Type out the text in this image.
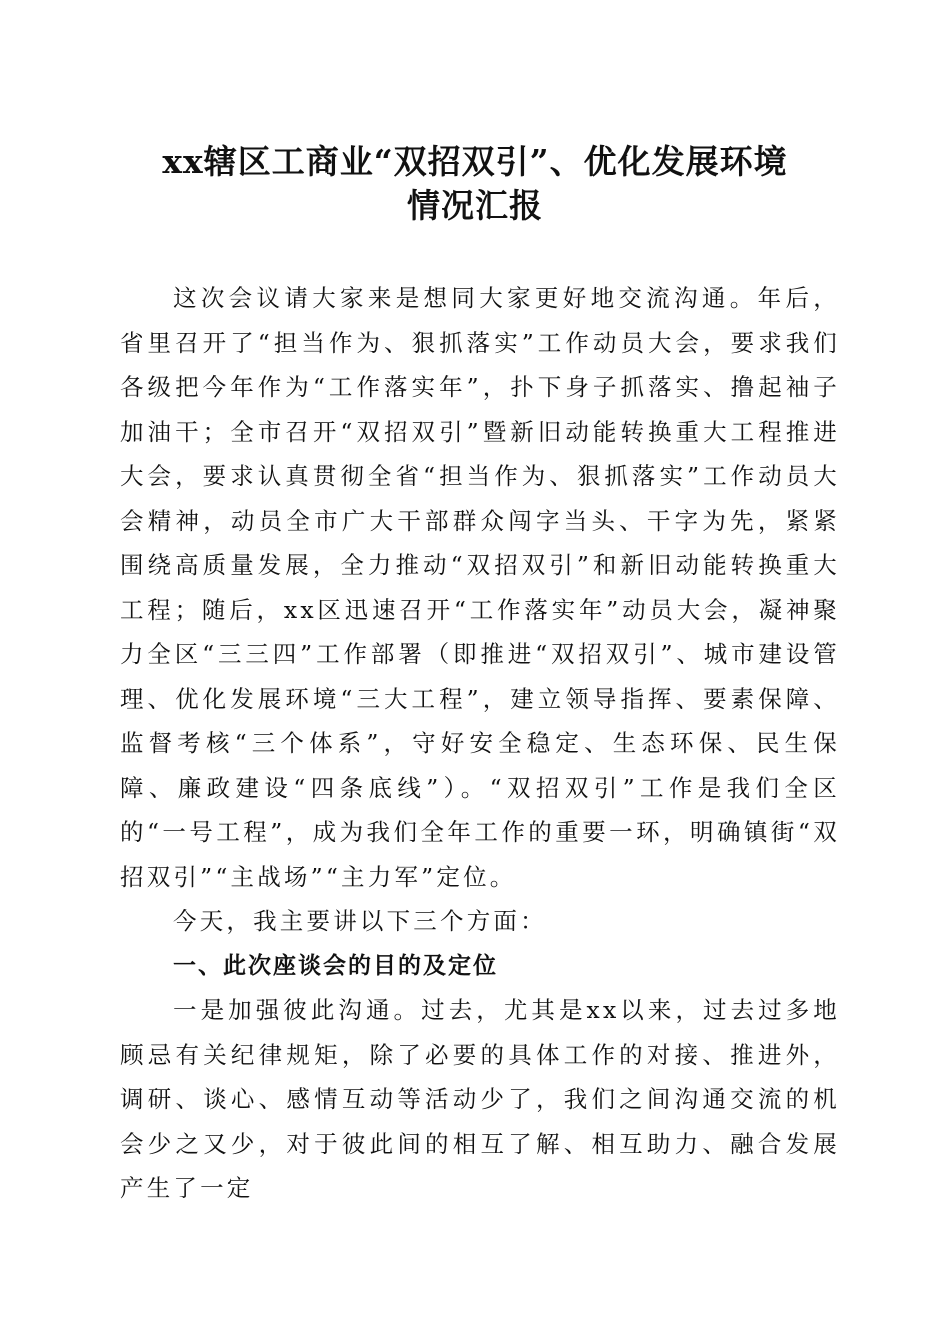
xx辖区工商业“双招双引”、优化发展环境
情况汇报

这次会议请大家来是想同大家更好地交流沟通。年后，省里召开了“担当作为、狠抓落实”工作动员大会，要求我们各级把今年作为“工作落实年”，扑下身子抓落实、撸起袖子加油干；全市召开“双招双引”暨新旧动能转换重大工程推进大会，要求认真贯彻全省“担当作为、狠抓落实”工作动员大会精神，动员全市广大干部群众闯字当头、干字为先，紧紧围绕高质量发展，全力推动“双招双引”和新旧动能转换重大工程；随后，xx区迅速召开“工作落实年”动员大会，凝神聚力全区“三三四”工作部署（即推进“双招双引”、城市建设管理、优化发展环境“三大工程”，建立领导指挥、要素保障、监督考核“三个体系”，守好安全稳定、生态环保、民生保障、廉政建设“四条底线”）。“双招双引”工作是我们全区的“一号工程”，成为我们全年工作的重要一环，明确镇街“双招双引”“主战场”“主力军”定位。

今天，我主要讲以下三个方面：

一、此次座谈会的目的及定位

一是加强彼此沟通。过去，尤其是xx以来，过去过多地顾忌有关纪律规矩，除了必要的具体工作的对接、推进外，调研、谈心、感情互动等活动少了，我们之间沟通交流的机会少之又少，对于彼此间的相互了解、相互助力、融合发展产生了一定
